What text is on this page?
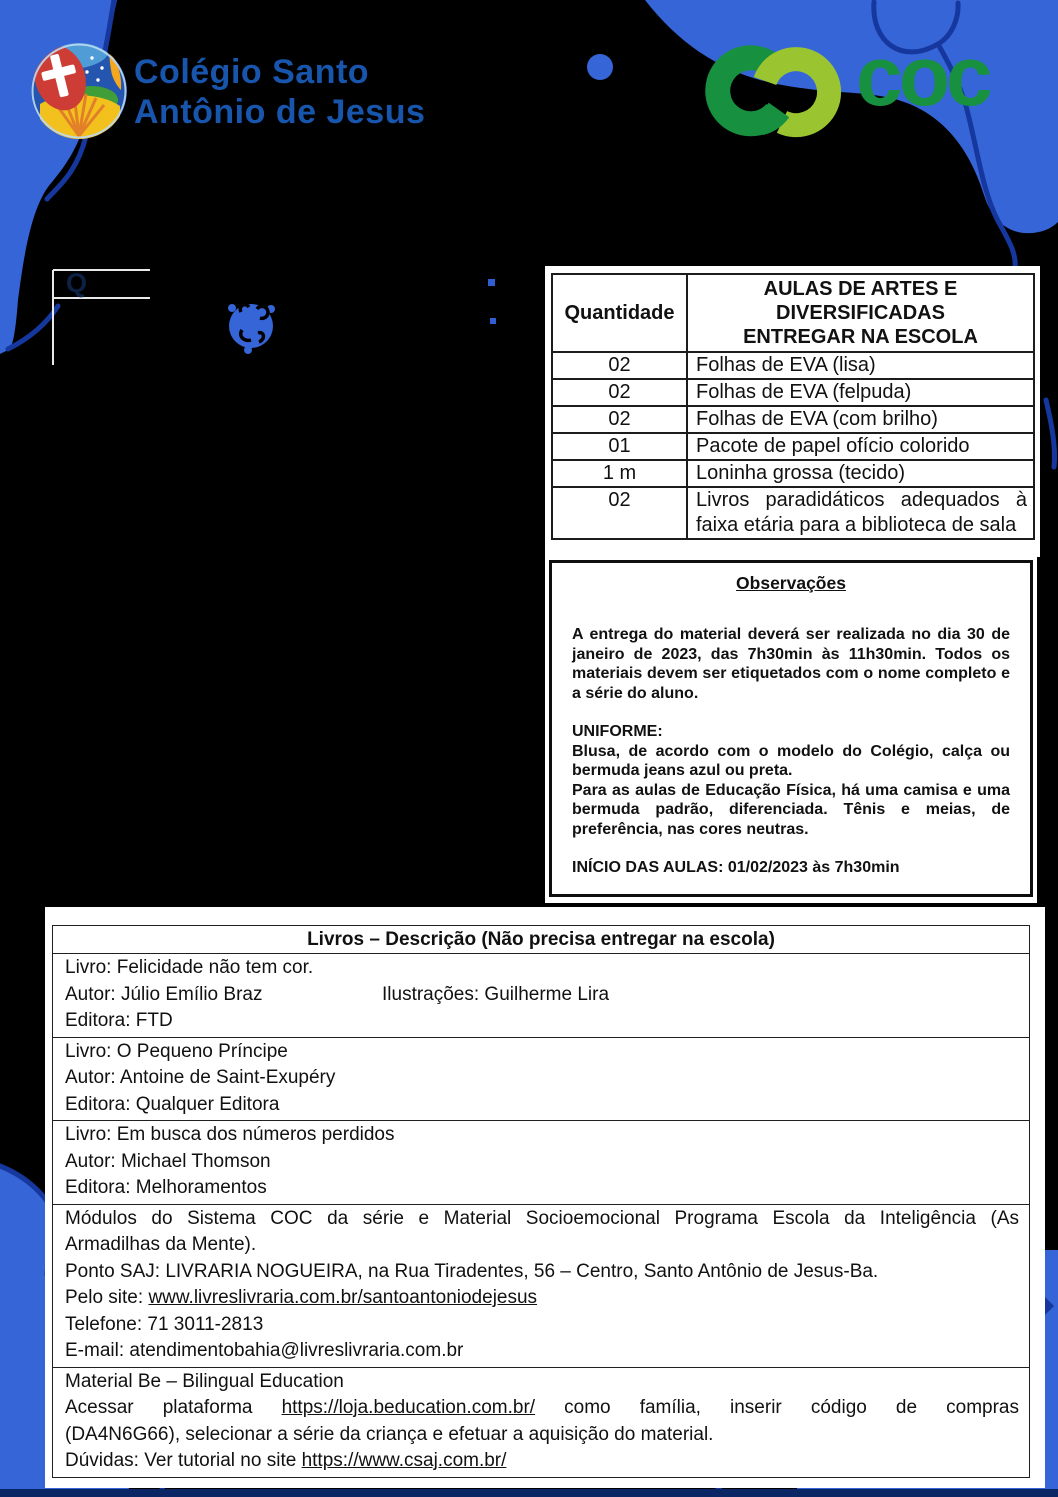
Q
Colégio Santo
Antônio de Jesus	coc
Quantidade	AULAS DE ARTES E
DIVERSIFICADAS
ENTREGAR NA ESCOLA

02	Folhas de EVA (lisa)
02	Folhas de EVA (felpuda)
02	Folhas de EVA (com brilho)
01	Pacote de papel ofício colorido
1 m	Loninha grossa (tecido)
02	Livros paradidáticos adequados à faixa etária para a biblioteca de sala

Observações

A entrega do material deverá ser realizada no dia 30 de janeiro de 2023, das 7h30min às 11h30min. Todos os materiais devem ser etiquetados com o nome completo e a série do aluno.

UNIFORME:

Blusa, de acordo com o modelo do Colégio, calça ou bermuda jeans azul ou preta.

Para as aulas de Educação Física, há uma camisa e uma bermuda padrão, diferenciada. Tênis e meias, de preferência, nas cores neutras.

INÍCIO DAS AULAS: 01/02/2023 às 7h30min

Livros – Descrição (Não precisa entregar na escola)

Livro: Felicidade não tem cor.

Autor: Júlio Emílio Braz	Ilustrações: Guilherme Lira

Editora: FTD

Livro: O Pequeno Príncipe

Autor: Antoine de Saint-Exupéry

Editora: Qualquer Editora

Livro: Em busca dos números perdidos

Autor: Michael Thomson

Editora: Melhoramentos

Módulos do Sistema COC da série e Material Socioemocional Programa Escola da Inteligência (As

Armadilhas da Mente).

Ponto SAJ: LIVRARIA NOGUEIRA, na Rua Tiradentes, 56 – Centro, Santo Antônio de Jesus-Ba.

Pelo site: www.livreslivraria.com.br/santoantoniodejesus

Telefone: 71 3011-2813

E-mail: atendimentobahia@livreslivraria.com.br

Material Be – Bilingual Education

Acessar plataforma https://loja.beducation.com.br/ como família, inserir código de compras

(DA4N6G66), selecionar a série da criança e efetuar a aquisição do material.

Dúvidas: Ver tutorial no site https://www.csaj.com.br/
